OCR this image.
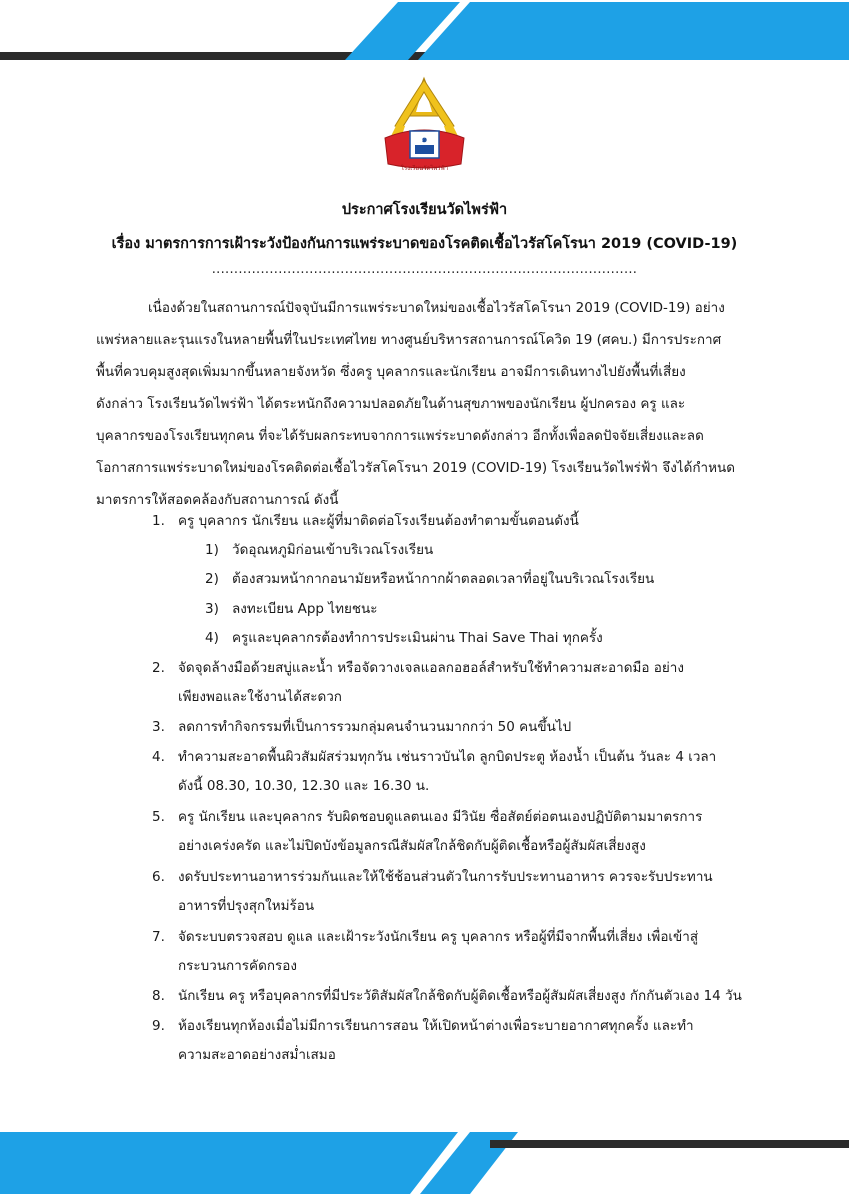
๑
โรงเรียนวัดไพร่ฟ้า
ประกาศโรงเรียนวัดไพร่ฟ้า
เรื่อง มาตรการการเฝ้าระวังป้องกันการแพร่ระบาดของโรคติดเชื้อไวรัสโคโรนา 2019 (COVID-19)
................................................................................................
เนื่องด้วยในสถานการณ์ปัจจุบันมีการแพร่ระบาดใหม่ของเชื้อไวรัสโคโรนา 2019 (COVID-19) อย่าง
แพร่หลายและรุนแรงในหลายพื้นที่ในประเทศไทย ทางศูนย์บริหารสถานการณ์โควิด 19 (ศคบ.) มีการประกาศ
พื้นที่ควบคุมสูงสุดเพิ่มมากขึ้นหลายจังหวัด ซึ่งครู บุคลากรและนักเรียน อาจมีการเดินทางไปยังพื้นที่เสี่ยง
ดังกล่าว โรงเรียนวัดไพร่ฟ้า ได้ตระหนักถึงความปลอดภัยในด้านสุขภาพของนักเรียน ผู้ปกครอง ครู และ
บุคลากรของโรงเรียนทุกคน ที่จะได้รับผลกระทบจากการแพร่ระบาดดังกล่าว อีกทั้งเพื่อลดปัจจัยเสี่ยงและลด
โอกาสการแพร่ระบาดใหม่ของโรคติดต่อเชื้อไวรัสโคโรนา 2019 (COVID-19) โรงเรียนวัดไพร่ฟ้า จึงได้กำหนด
มาตรการให้สอดคล้องกับสถานการณ์ ดังนี้
1. ครู บุคลากร นักเรียน และผู้ที่มาติดต่อโรงเรียนต้องทำตามขั้นตอนดังนี้
1) วัดอุณหภูมิก่อนเข้าบริเวณโรงเรียน
2) ต้องสวมหน้ากากอนามัยหรือหน้ากากผ้าตลอดเวลาที่อยู่ในบริเวณโรงเรียน
3) ลงทะเบียน App ไทยชนะ
4) ครูและบุคลากรต้องทำการประเมินผ่าน Thai Save Thai ทุกครั้ง
2. จัดจุดล้างมือด้วยสบู่และน้ำ หรือจัดวางเจลแอลกอฮอล์สำหรับใช้ทำความสะอาดมือ อย่าง
เพียงพอและใช้งานได้สะดวก
3. ลดการทำกิจกรรมที่เป็นการรวมกลุ่มคนจำนวนมากกว่า 50 คนขึ้นไป
4. ทำความสะอาดพื้นผิวสัมผัสร่วมทุกวัน เช่นราวบันได ลูกบิดประตู ห้องน้ำ เป็นต้น วันละ 4 เวลา
ดังนี้ 08.30, 10.30, 12.30 และ 16.30 น.
5. ครู นักเรียน และบุคลากร รับผิดชอบดูแลตนเอง มีวินัย ซื่อสัตย์ต่อตนเองปฏิบัติตามมาตรการ
อย่างเคร่งครัด และไม่ปิดบังข้อมูลกรณีสัมผัสใกล้ชิดกับผู้ติดเชื้อหรือผู้สัมผัสเสี่ยงสูง
6. งดรับประทานอาหารร่วมกันและให้ใช้ช้อนส่วนตัวในการรับประทานอาหาร ควรจะรับประทาน
อาหารที่ปรุงสุกใหม่ร้อน
7. จัดระบบตรวจสอบ ดูแล และเฝ้าระวังนักเรียน ครู บุคลากร หรือผู้ที่มีจากพื้นที่เสี่ยง เพื่อเข้าสู่
กระบวนการคัดกรอง
8. นักเรียน ครู หรือบุคลากรที่มีประวัติสัมผัสใกล้ชิดกับผู้ติดเชื้อหรือผู้สัมผัสเสี่ยงสูง กักกันตัวเอง 14 วัน
9. ห้องเรียนทุกห้องเมื่อไม่มีการเรียนการสอน ให้เปิดหน้าต่างเพื่อระบายอากาศทุกครั้ง และทำ
ความสะอาดอย่างสม่ำเสมอ
